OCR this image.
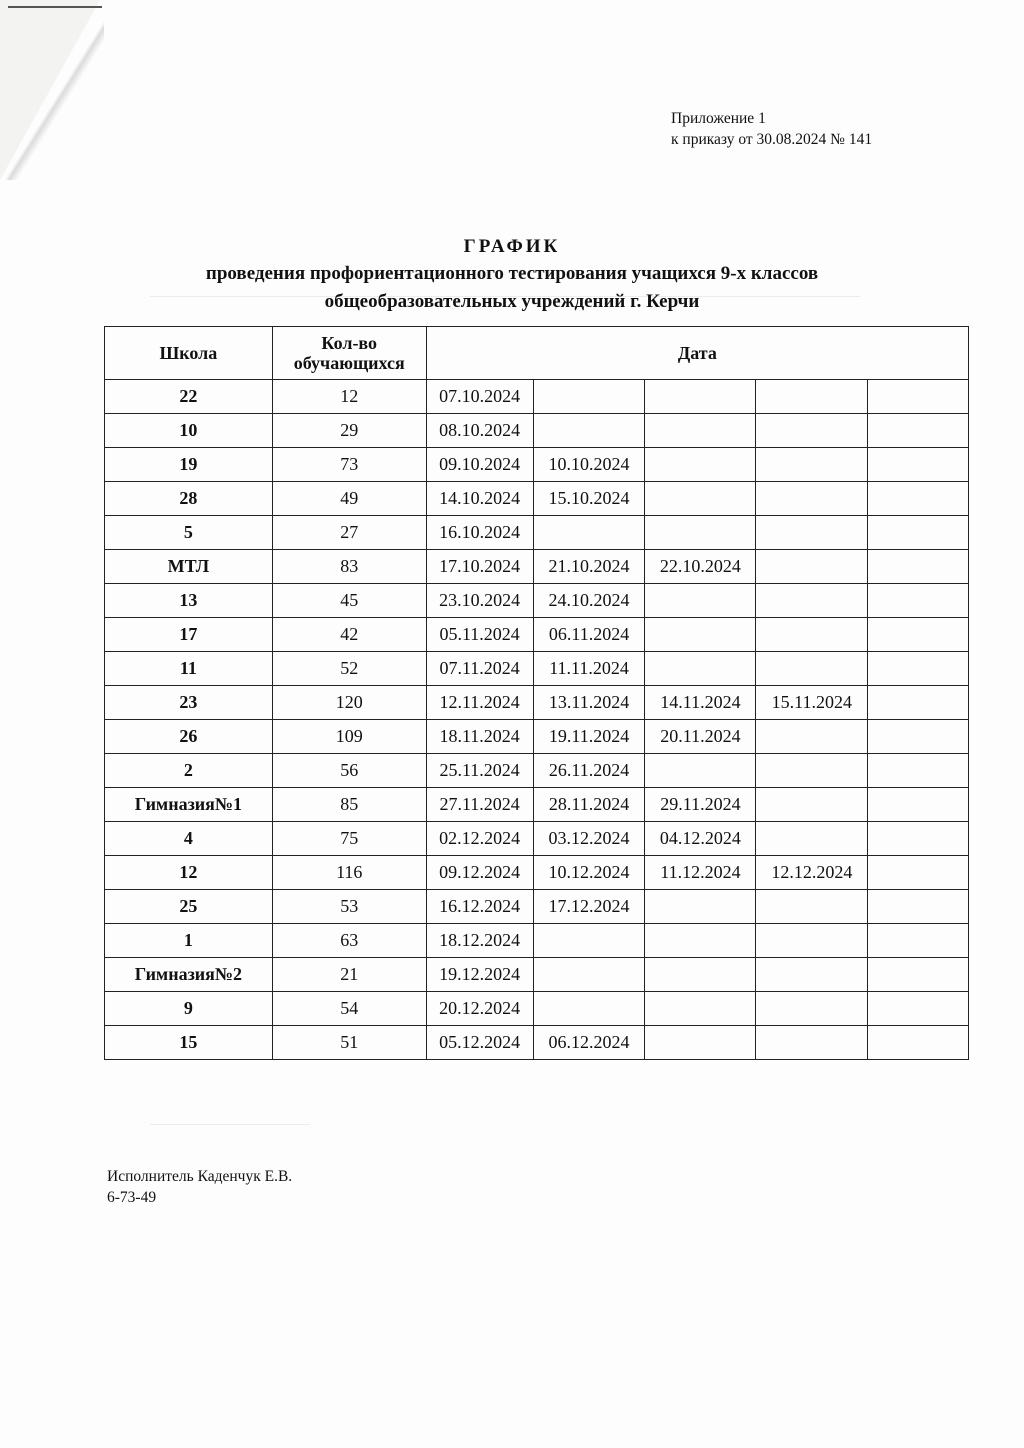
Приложение 1
к приказу от 30.08.2024 № 141
ГРАФИК
проведения профориентационного тестирования учащихся 9-х классов
общеобразовательных учреждений г. Керчи
Школа	Кол-во обучающихся	Дата				
22	12	07.10.2024				
10	29	08.10.2024				
19	73	09.10.2024	10.10.2024			
28	49	14.10.2024	15.10.2024			
5	27	16.10.2024				
МТЛ	83	17.10.2024	21.10.2024	22.10.2024		
13	45	23.10.2024	24.10.2024			
17	42	05.11.2024	06.11.2024			
11	52	07.11.2024	11.11.2024			
23	120	12.11.2024	13.11.2024	14.11.2024	15.11.2024	
26	109	18.11.2024	19.11.2024	20.11.2024		
2	56	25.11.2024	26.11.2024			
Гимназия№1	85	27.11.2024	28.11.2024	29.11.2024		
4	75	02.12.2024	03.12.2024	04.12.2024		
12	116	09.12.2024	10.12.2024	11.12.2024	12.12.2024	
25	53	16.12.2024	17.12.2024			
1	63	18.12.2024				
Гимназия№2	21	19.12.2024				
9	54	20.12.2024				
15	51	05.12.2024	06.12.2024			
Исполнитель Каденчук Е.В.
6-73-49
